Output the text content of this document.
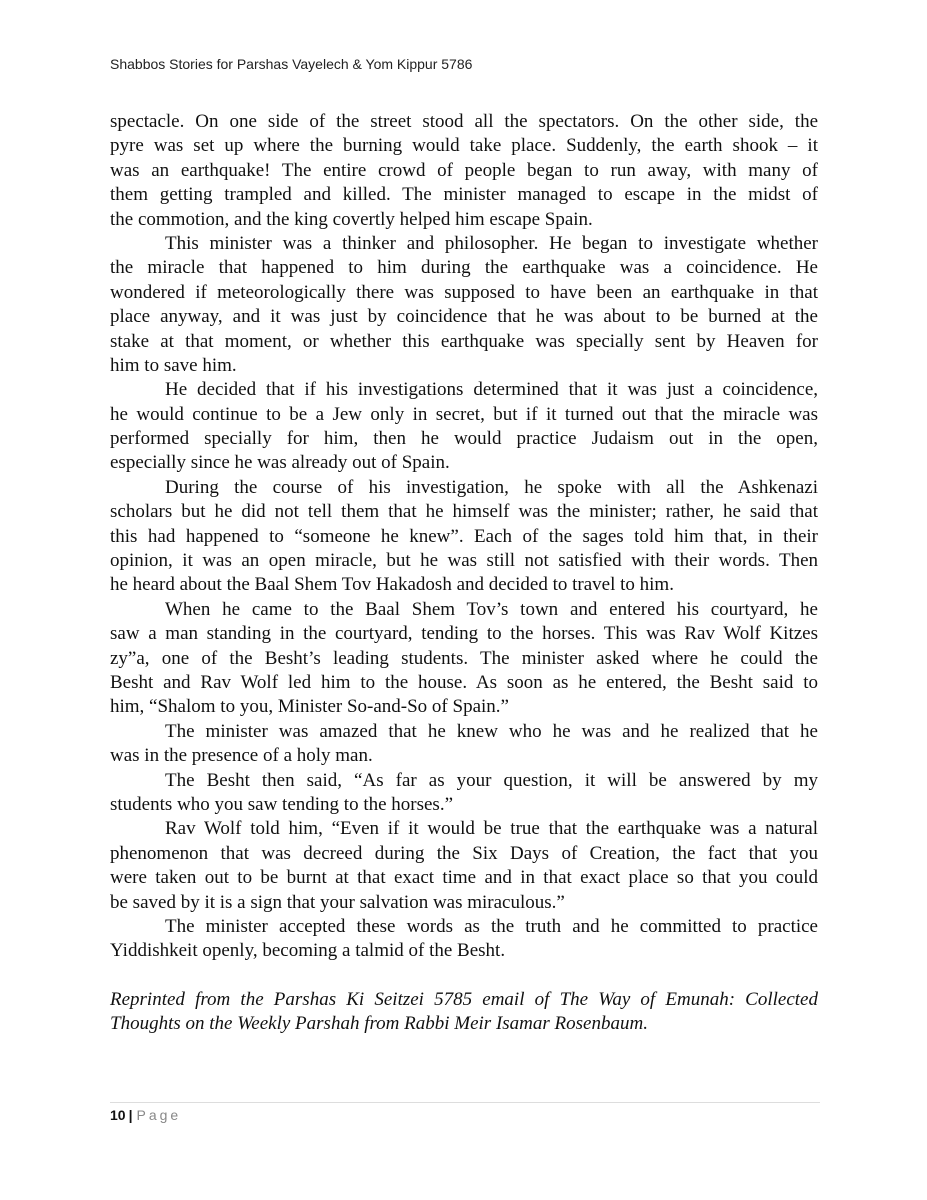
Shabbos Stories for Parshas Vayelech & Yom Kippur 5786
spectacle. On one side of the street stood all the spectators. On the other side, the
pyre was set up where the burning would take place. Suddenly, the earth shook – it
was an earthquake! The entire crowd of people began to run away, with many of
them getting trampled and killed. The minister managed to escape in the midst of
the commotion, and the king covertly helped him escape Spain.
This minister was a thinker and philosopher. He began to investigate whether
the miracle that happened to him during the earthquake was a coincidence. He
wondered if meteorologically there was supposed to have been an earthquake in that
place anyway, and it was just by coincidence that he was about to be burned at the
stake at that moment, or whether this earthquake was specially sent by Heaven for
him to save him.
He decided that if his investigations determined that it was just a coincidence,
he would continue to be a Jew only in secret, but if it turned out that the miracle was
performed specially for him, then he would practice Judaism out in the open,
especially since he was already out of Spain.
During the course of his investigation, he spoke with all the Ashkenazi
scholars but he did not tell them that he himself was the minister; rather, he said that
this had happened to “someone he knew”. Each of the sages told him that, in their
opinion, it was an open miracle, but he was still not satisfied with their words. Then
he heard about the Baal Shem Tov Hakadosh and decided to travel to him.
When he came to the Baal Shem Tov’s town and entered his courtyard, he
saw a man standing in the courtyard, tending to the horses. This was Rav Wolf Kitzes
zy”a, one of the Besht’s leading students. The minister asked where he could the
Besht and Rav Wolf led him to the house. As soon as he entered, the Besht said to
him, “Shalom to you, Minister So-and-So of Spain.”
The minister was amazed that he knew who he was and he realized that he
was in the presence of a holy man.
The Besht then said, “As far as your question, it will be answered by my
students who you saw tending to the horses.”
Rav Wolf told him, “Even if it would be true that the earthquake was a natural
phenomenon that was decreed during the Six Days of Creation, the fact that you
were taken out to be burnt at that exact time and in that exact place so that you could
be saved by it is a sign that your salvation was miraculous.”
The minister accepted these words as the truth and he committed to practice
Yiddishkeit openly, becoming a talmid of the Besht.
Reprinted from the Parshas Ki Seitzei 5785 email of The Way of Emunah: Collected
Thoughts on the Weekly Parshah from Rabbi Meir Isamar Rosenbaum.
10 | Page
